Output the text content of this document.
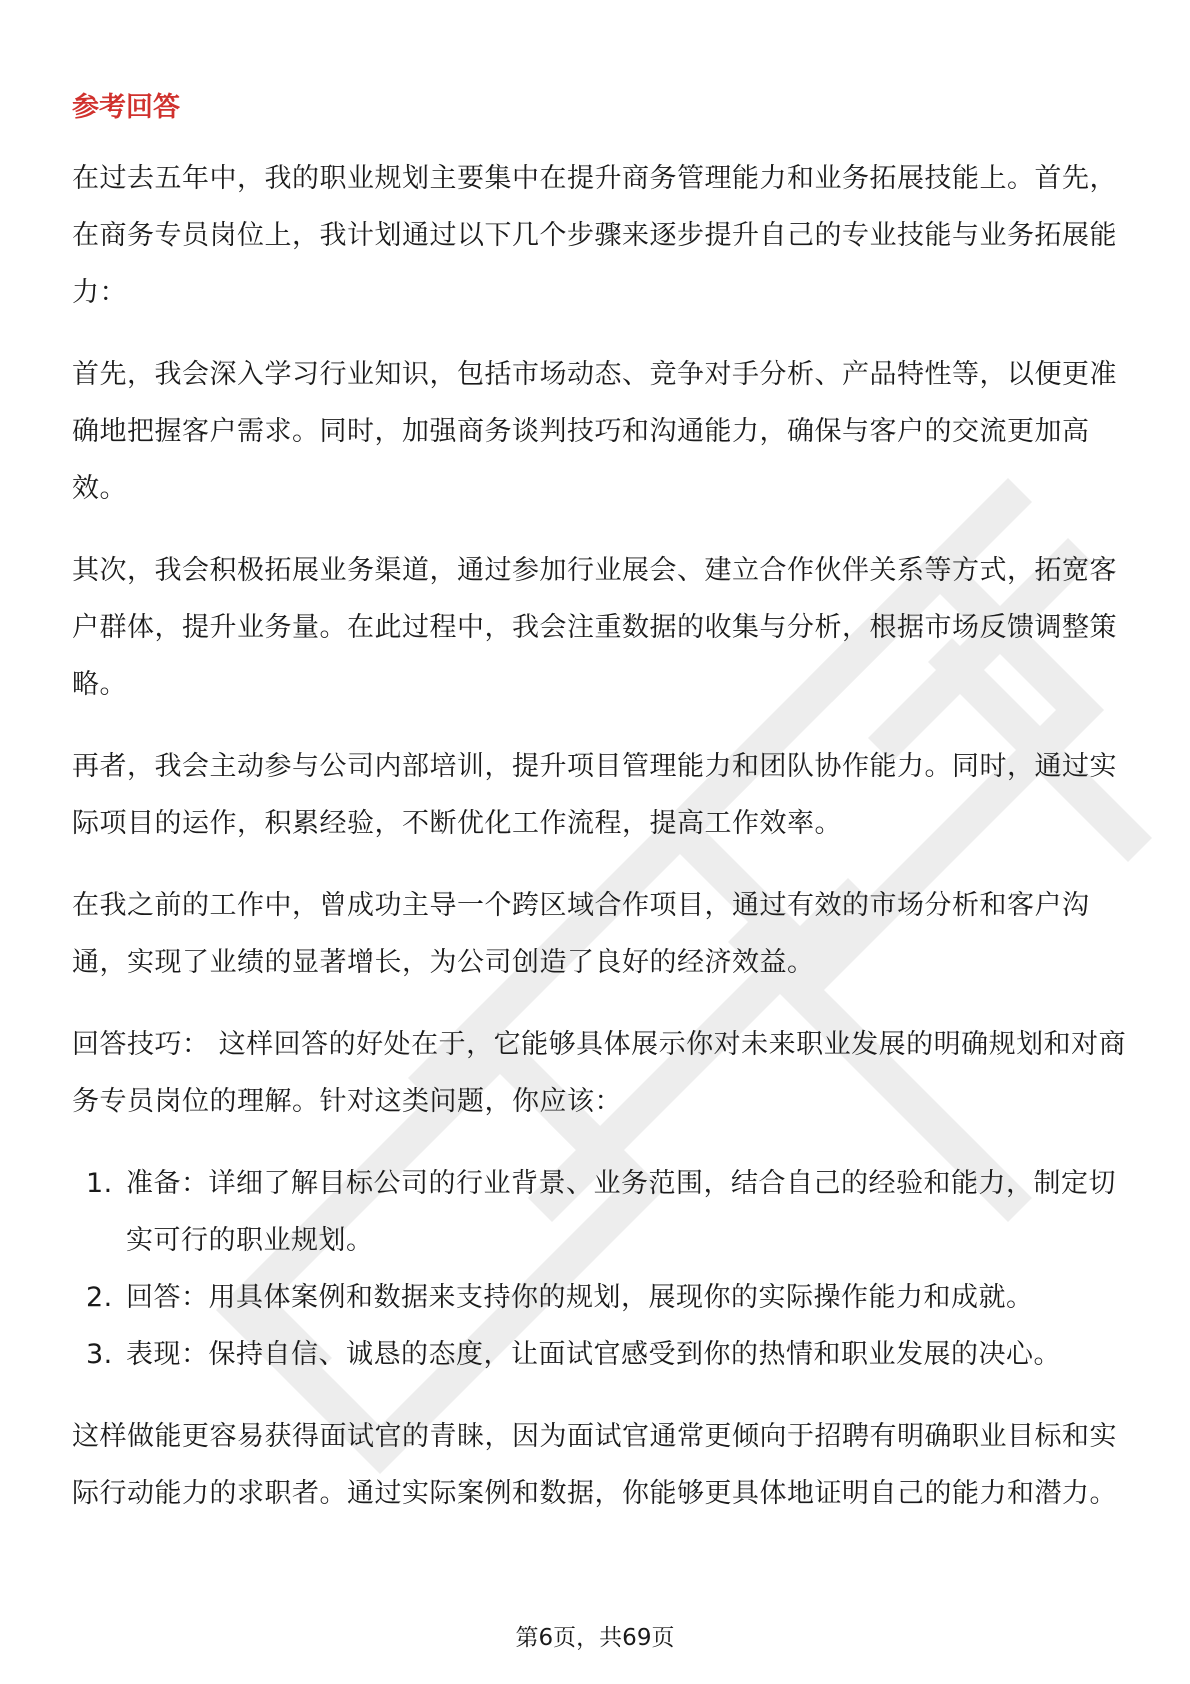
参考回答

在过去五年中，我的职业规划主要集中在提升商务管理能力和业务拓展技能上。首先，在商务专员岗位上，我计划通过以下几个步骤来逐步提升自己的专业技能与业务拓展能力：

首先，我会深入学习行业知识，包括市场动态、竞争对手分析、产品特性等，以便更准确地把握客户需求。同时，加强商务谈判技巧和沟通能力，确保与客户的交流更加高效。

其次，我会积极拓展业务渠道，通过参加行业展会、建立合作伙伴关系等方式，拓宽客户群体，提升业务量。在此过程中，我会注重数据的收集与分析，根据市场反馈调整策略。

再者，我会主动参与公司内部培训，提升项目管理能力和团队协作能力。同时，通过实际项目的运作，积累经验，不断优化工作流程，提高工作效率。

在我之前的工作中，曾成功主导一个跨区域合作项目，通过有效的市场分析和客户沟通，实现了业绩的显著增长，为公司创造了良好的经济效益。

回答技巧： 这样回答的好处在于，它能够具体展示你对未来职业发展的明确规划和对商务专员岗位的理解。针对这类问题，你应该：

1. 准备：详细了解目标公司的行业背景、业务范围，结合自己的经验和能力，制定切实可行的职业规划。
2. 回答：用具体案例和数据来支持你的规划，展现你的实际操作能力和成就。
3. 表现：保持自信、诚恳的态度，让面试官感受到你的热情和职业发展的决心。

这样做能更容易获得面试官的青睐，因为面试官通常更倾向于招聘有明确职业目标和实际行动能力的求职者。通过实际案例和数据，你能够更具体地证明自己的能力和潜力。

第6页，共69页
